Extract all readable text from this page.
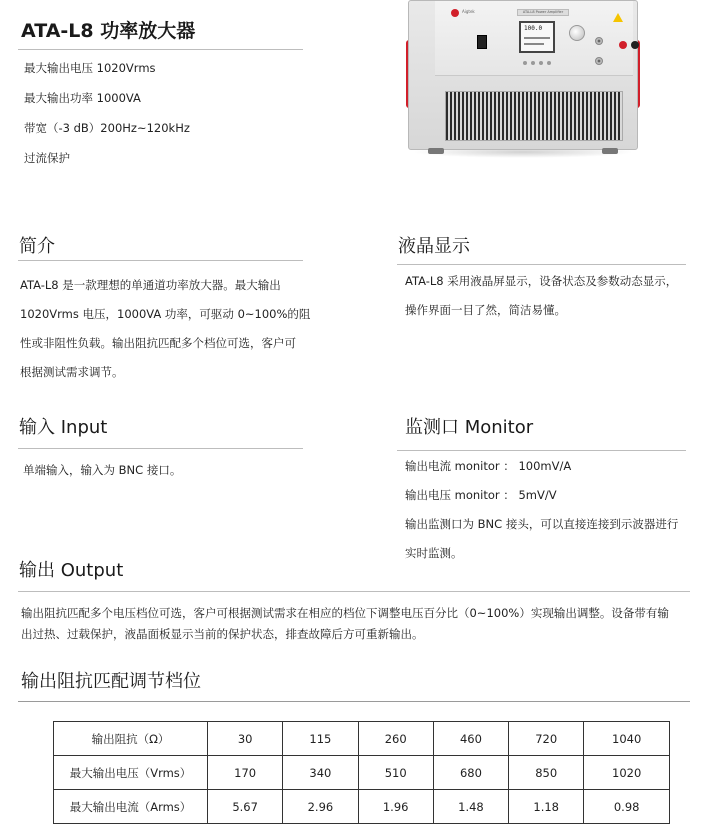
ATA-L8 功率放大器
最大输出电压 1020Vrms
最大输出功率 1000VA
带宽（-3 dB）200Hz~120kHz
过流保护
Aigtek	ATA-L8 Power Amplifier
100.0
简介
ATA-L8 是一款理想的单通道功率放大器。最大输出
1020Vrms 电压，1000VA 功率，可驱动 0~100%的阻
性或非阻性负载。输出阻抗匹配多个档位可选，客户可
根据测试需求调节。
液晶显示
ATA-L8 采用液晶屏显示，设备状态及参数动态显示，
操作界面一目了然，简洁易懂。
输入 Input
单端输入，输入为 BNC 接口。
监测口 Monitor
输出电流 monitor ： 100mV/A
输出电压 monitor ： 5mV/V
输出监测口为 BNC 接头，可以直接连接到示波器进行
实时监测。
输出 Output
输出阻抗匹配多个电压档位可选，客户可根据测试需求在相应的档位下调整电压百分比（0~100%）实现输出调整。设备带有输
出过热、过载保护，液晶面板显示当前的保护状态，排查故障后方可重新输出。
输出阻抗匹配调节档位
输出阻抗（Ω）	30	115	260	460	720	1040
最大输出电压（Vrms）	170	340	510	680	850	1020
最大输出电流（Arms）	5.67	2.96	1.96	1.48	1.18	0.98
